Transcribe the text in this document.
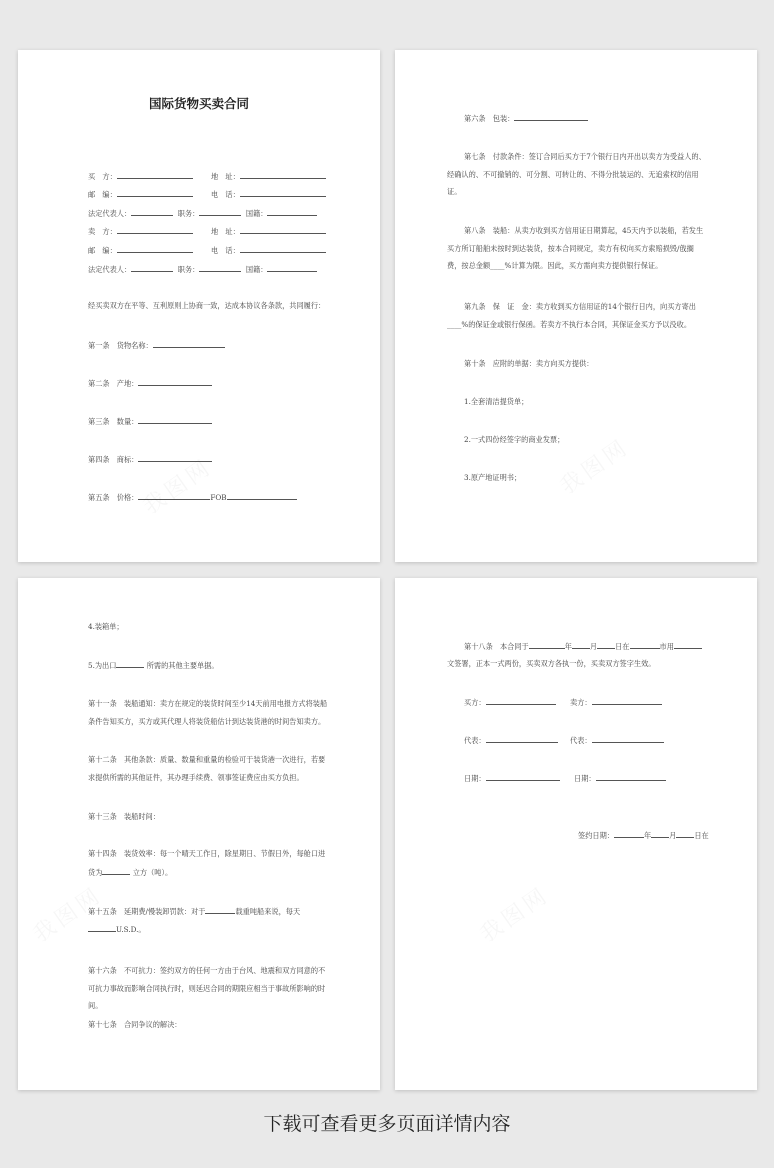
国际货物买卖合同
买　方：	地　址：
邮　编：	电　话：
法定代表人：	职务：	国籍：
卖　方：	地　址：
邮　编：	电　话：
法定代表人：	职务：	国籍：
经买卖双方在平等、互利原则上协商一致，达成本协议各条款，共同履行：
第一条　货物名称：
第二条　产地：
第三条　数量：
第四条　商标：
第五条　价格：	FOB
第六条　包装：
第七条　付款条件：签订合同后买方于7个银行日内开出以卖方为受益人的、经确认的、不可撤销的、可分割、可转让的、不得分批装运的、无追索权的信用证。
第八条　装船：从卖方收到买方信用证日期算起，45天内予以装船，若发生买方所订船舶未按时到达装货，按本合同规定，卖方有权向买方索赔损毁/戗搁费，按总金额____%计算为限。因此，买方需向卖方提供银行保证。
第九条　保　证　金：卖方收到买方信用证的14个银行日内，向买方寄出____%的保证金或银行保函。若卖方不执行本合同，其保证金买方予以没收。
第十条　应附的单据：卖方向买方提供：
1.全套清洁提货单；
2.一式四份经签字的商业发票；
3.原产地证明书；
4.装箱单；
5.为出口	所需的其他主要单据。
第十一条　装船通知：卖方在规定的装货时间至少14天前用电报方式将装船条件告知买方，买方或其代理人将装货船估计到达装货港的时间告知卖方。
第十二条　其他条款：质量、数量和重量的检验可于装货港一次进行，若要求提供所需的其他证件，其办理手续费、领事签证费应由买方负担。
第十三条　装船时间：
第十四条　装货效率：每一个晴天工作日，除星期日、节假日外，每舱口进
货为	立方（吨）。
第十五条　延期费/慢装卸罚款：对于	载重吨船来说，每天
U.S.D.。
第十六条　不可抗力：签约双方的任何一方由于台风、地震和双方同意的不可抗力事故而影响合同执行时，则延迟合同的期限应相当于事故所影响的时间。
第十七条　合同争议的解决：
第十八条　本合同于	年	月	日在	市用
文签署，正本一式两份，买卖双方各执一份，买卖双方签字生效。
买方：	卖方：
代表：	代表：
日期：	日期：
签约日期：	年	月	日在
下载可查看更多页面详情内容
